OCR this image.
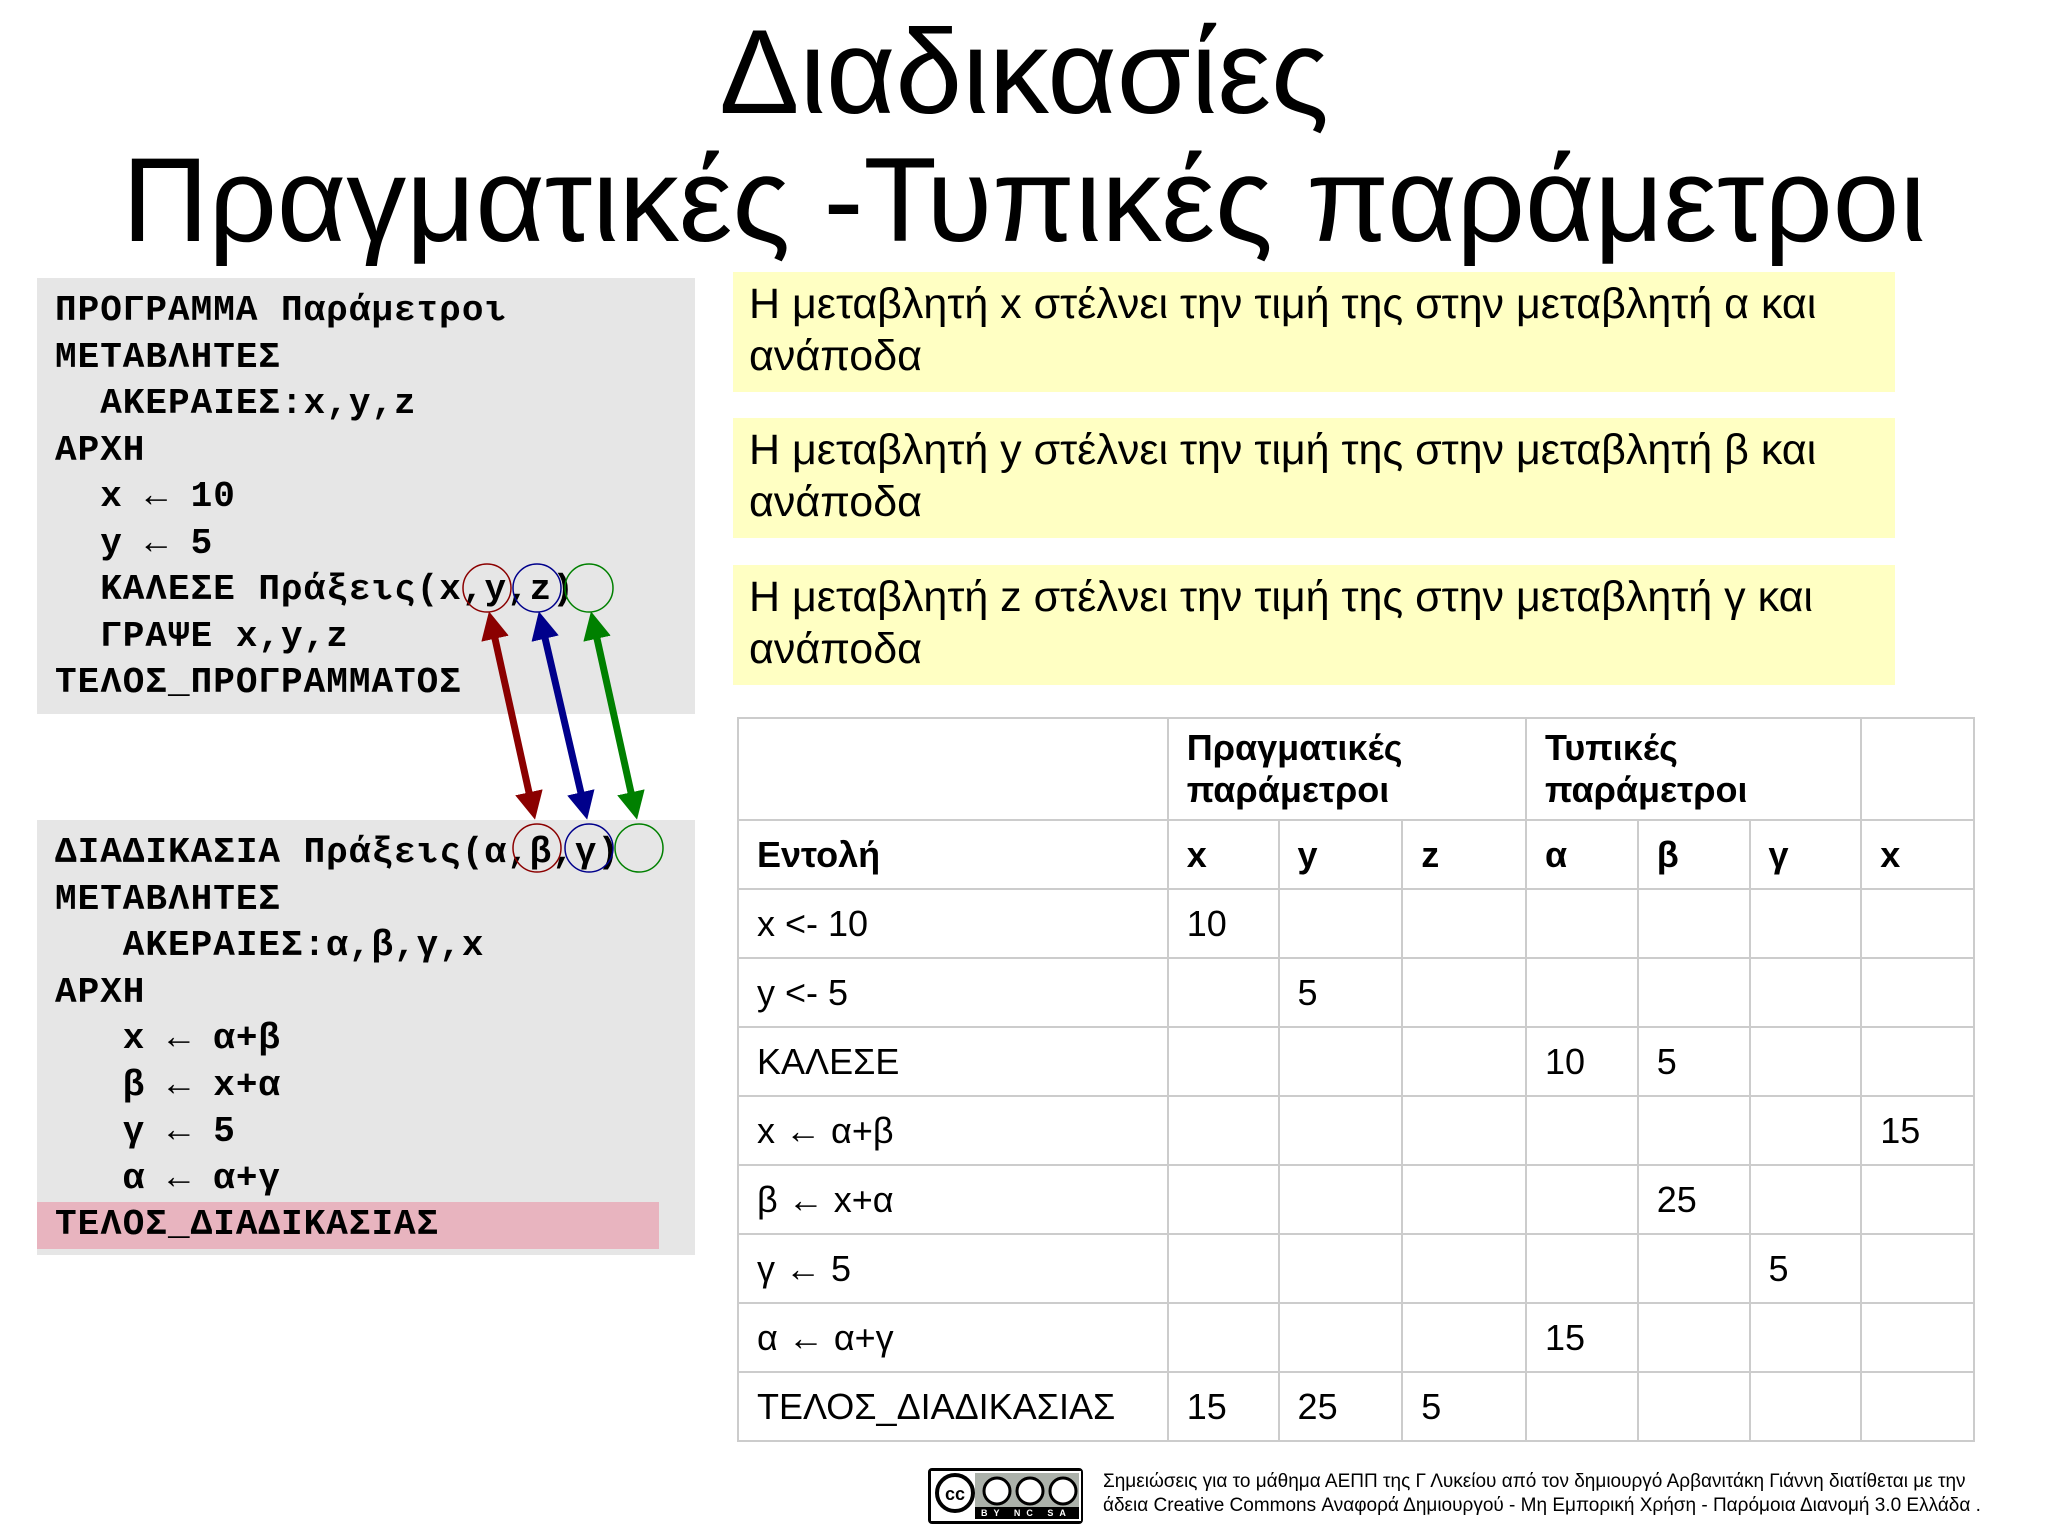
Διαδικασίες
Πραγματικές -Τυπικές παράμετροι
ΠΡΟΓΡΑΜΜΑ Παράμετροι
ΜΕΤΑΒΛΗΤΕΣ
ΑΚΕΡΑΙΕΣ:x,y,z
ΑΡΧΗ
x ← 10
y ← 5
ΚΑΛΕΣΕ Πράξεις(x,y,z)
ΓΡΑΨΕ x,y,z
ΤΕΛΟΣ_ΠΡΟΓΡΑΜΜΑΤΟΣ
ΔΙΑΔΙΚΑΣΙΑ Πράξεις(α,β,γ)
ΜΕΤΑΒΛΗΤΕΣ
ΑΚΕΡΑΙΕΣ:α,β,γ,x
ΑΡΧΗ
x ← α+β
β ← x+α
γ ← 5
α ← α+γ
ΤΕΛΟΣ_ΔΙΑΔΙΚΑΣΙΑΣ
Η μεταβλητή x στέλνει την τιμή της στην μεταβλητή α και ανάποδα
Η μεταβλητή y στέλνει την τιμή της στην μεταβλητή β και ανάποδα
Η μεταβλητή z στέλνει την τιμή της στην μεταβλητή γ και ανάποδα
	Πραγματικές παράμετροι			Τυπικές παράμετροι			
Εντολή	x	y	z	α	β	γ	x
x <- 10	10						
y <- 5		5					
ΚΑΛΕΣΕ				10	5		
x ← α+β							15
β ← x+α					25		
γ ← 5						5	
α ← α+γ				15			
ΤΕΛΟΣ_ΔΙΑΔΙΚΑΣΙΑΣ	15	25	5				
cc
BY NC SA
Σημειώσεις για το μάθημα ΑΕΠΠ της Γ Λυκείου από τον δημιουργό Αρβανιτάκη Γιάννη διατίθεται με την
άδεια Creative Commons Αναφορά Δημιουργού - Μη Εμπορική Χρήση - Παρόμοια Διανομή 3.0 Ελλάδα .
